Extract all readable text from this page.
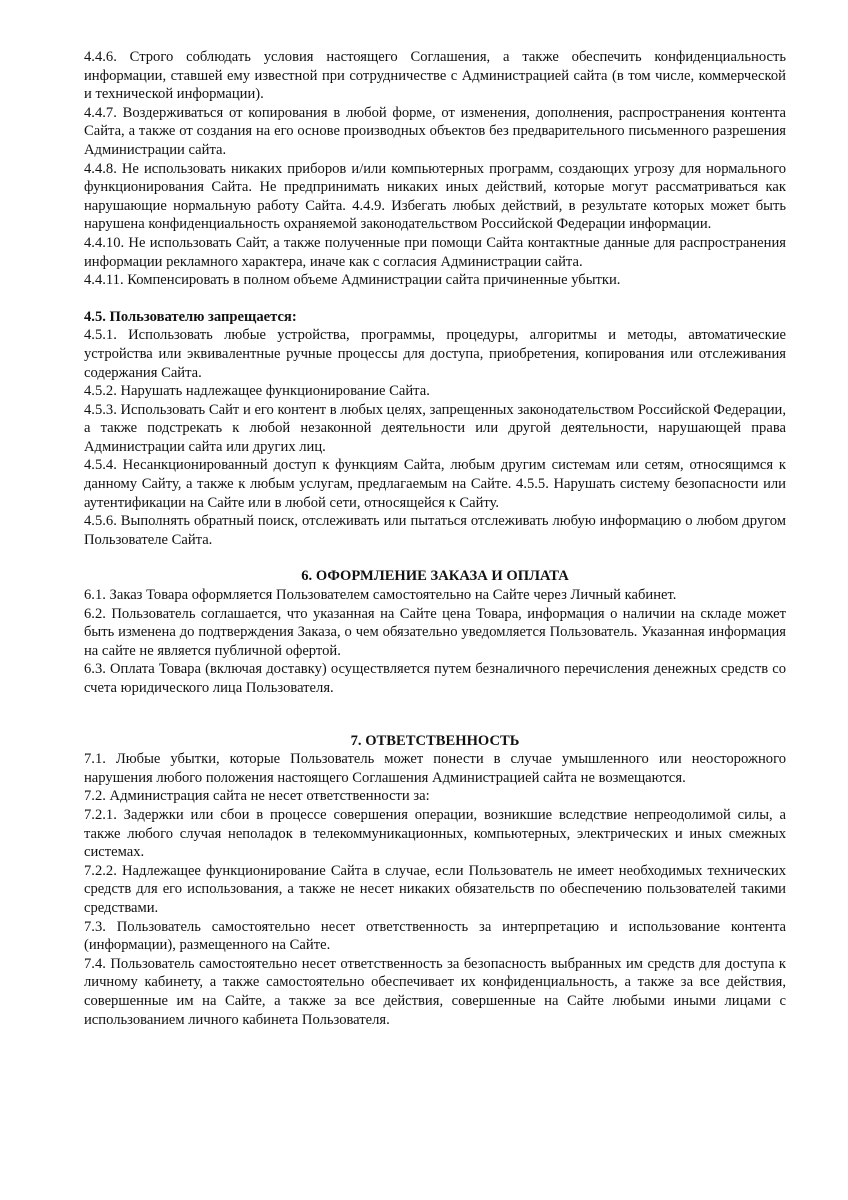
4.4.6. Строго соблюдать условия настоящего Соглашения, а также обеспечить конфиденциальность информации, ставшей ему известной при сотрудничестве с Администрацией сайта (в том числе, коммерческой и технической информации).

4.4.7. Воздерживаться от копирования в любой форме, от изменения, дополнения, распространения контента Сайта, а также от создания на его основе производных объектов без предварительного письменного разрешения Администрации сайта.

4.4.8. Не использовать никаких приборов и/или компьютерных программ, создающих угрозу для нормального функционирования Сайта. Не предпринимать никаких иных действий, которые могут рассматриваться как нарушающие нормальную работу Сайта. 4.4.9. Избегать любых действий, в результате которых может быть нарушена конфиденциальность охраняемой законодательством Российской Федерации информации.

4.4.10. Не использовать Сайт, а также полученные при помощи Сайта контактные данные для распространения информации рекламного характера, иначе как с согласия Администрации сайта.

4.4.11. Компенсировать в полном объеме Администрации сайта причиненные убытки.

4.5. Пользователю запрещается:

4.5.1. Использовать любые устройства, программы, процедуры, алгоритмы и методы, автоматические устройства или эквивалентные ручные процессы для доступа, приобретения, копирования или отслеживания содержания Сайта.

4.5.2. Нарушать надлежащее функционирование Сайта.

4.5.3. Использовать Сайт и его контент в любых целях, запрещенных законодательством Российской Федерации, а также подстрекать к любой незаконной деятельности или другой деятельности, нарушающей права Администрации сайта или других лиц.

4.5.4. Несанкционированный доступ к функциям Сайта, любым другим системам или сетям, относящимся к данному Сайту, а также к любым услугам, предлагаемым на Сайте. 4.5.5. Нарушать систему безопасности или аутентификации на Сайте или в любой сети, относящейся к Сайту.

4.5.6. Выполнять обратный поиск, отслеживать или пытаться отслеживать любую информацию о любом другом Пользователе Сайта.

6. ОФОРМЛЕНИЕ ЗАКАЗА И ОПЛАТА

6.1. Заказ Товара оформляется Пользователем самостоятельно на Сайте через Личный кабинет.

6.2. Пользователь соглашается, что указанная на Сайте цена Товара, информация о наличии на складе может быть изменена до подтверждения Заказа, о чем обязательно уведомляется Пользователь. Указанная информация на сайте не является публичной офертой.

6.3. Оплата Товара (включая доставку) осуществляется путем безналичного перечисления денежных средств со счета юридического лица Пользователя.

7. ОТВЕТСТВЕННОСТЬ

7.1. Любые убытки, которые Пользователь может понести в случае умышленного или неосторожного нарушения любого положения настоящего Соглашения Администрацией сайта не возмещаются.

7.2. Администрация сайта не несет ответственности за:

7.2.1. Задержки или сбои в процессе совершения операции, возникшие вследствие непреодолимой силы, а также любого случая неполадок в телекоммуникационных, компьютерных, электрических и иных смежных системах.

7.2.2. Надлежащее функционирование Сайта в случае, если Пользователь не имеет необходимых технических средств для его использования, а также не несет никаких обязательств по обеспечению пользователей такими средствами.

7.3. Пользователь самостоятельно несет ответственность за интерпретацию и использование контента (информации), размещенного на Сайте.

7.4. Пользователь самостоятельно несет ответственность за безопасность выбранных им средств для доступа к личному кабинету, а также самостоятельно обеспечивает их конфиденциальность, а также за все действия, совершенные им на Сайте, а также за все действия, совершенные на Сайте любыми иными лицами с использованием личного кабинета Пользователя.
